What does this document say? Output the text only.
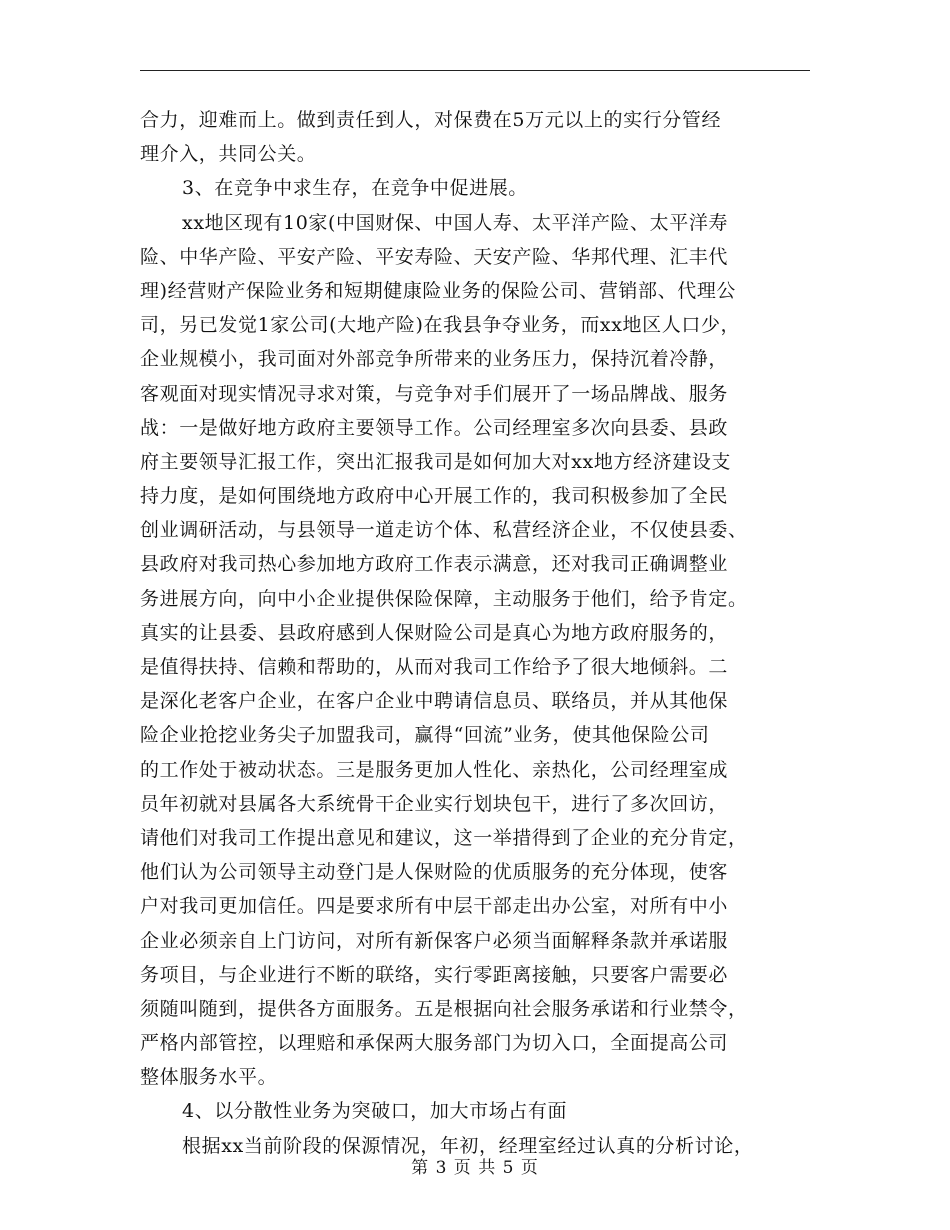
合力，迎难而上。做到责任到人，对保费在5万元以上的实行分管经
理介入，共同公关。
3、在竞争中求生存，在竞争中促进展。
xx地区现有10家(中国财保、中国人寿、太平洋产险、太平洋寿
险、中华产险、平安产险、平安寿险、天安产险、华邦代理、汇丰代
理)经营财产保险业务和短期健康险业务的保险公司、营销部、代理公
司，另已发觉1家公司(大地产险)在我县争夺业务，而xx地区人口少，
企业规模小，我司面对外部竞争所带来的业务压力，保持沉着冷静，
客观面对现实情况寻求对策，与竞争对手们展开了一场品牌战、服务
战：一是做好地方政府主要领导工作。公司经理室多次向县委、县政
府主要领导汇报工作，突出汇报我司是如何加大对xx地方经济建设支
持力度，是如何围绕地方政府中心开展工作的，我司积极参加了全民
创业调研活动，与县领导一道走访个体、私营经济企业，不仅使县委、
县政府对我司热心参加地方政府工作表示满意，还对我司正确调整业
务进展方向，向中小企业提供保险保障，主动服务于他们，给予肯定。
真实的让县委、县政府感到人保财险公司是真心为地方政府服务的，
是值得扶持、信赖和帮助的，从而对我司工作给予了很大地倾斜。二
是深化老客户企业，在客户企业中聘请信息员、联络员，并从其他保
险企业抢挖业务尖子加盟我司，赢得“回流”业务，使其他保险公司
的工作处于被动状态。三是服务更加人性化、亲热化，公司经理室成
员年初就对县属各大系统骨干企业实行划块包干，进行了多次回访，
请他们对我司工作提出意见和建议，这一举措得到了企业的充分肯定，
他们认为公司领导主动登门是人保财险的优质服务的充分体现，使客
户对我司更加信任。四是要求所有中层干部走出办公室，对所有中小
企业必须亲自上门访问，对所有新保客户必须当面解释条款并承诺服
务项目，与企业进行不断的联络，实行零距离接触，只要客户需要必
须随叫随到，提供各方面服务。五是根据向社会服务承诺和行业禁令，
严格内部管控，以理赔和承保两大服务部门为切入口，全面提高公司
整体服务水平。
4、以分散性业务为突破口，加大市场占有面
根据xx当前阶段的保源情况，年初，经理室经过认真的分析讨论，
第 3 页 共 5 页
